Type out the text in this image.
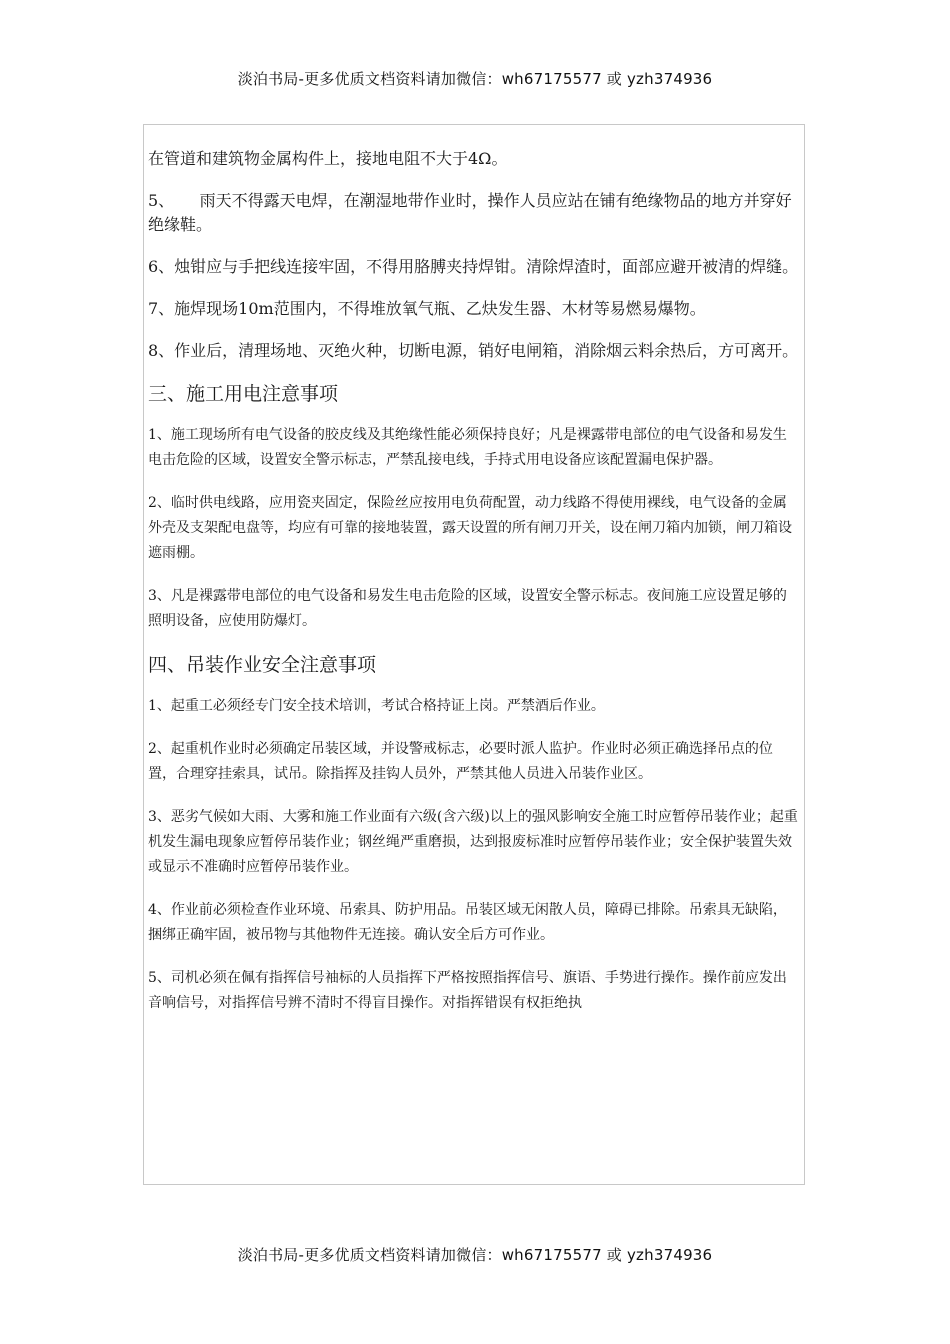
淡泊书局-更多优质文档资料请加微信：wh67175577 或 yzh374936

在管道和建筑物金属构件上，接地电阻不大于4Ω。

5、     雨天不得露天电焊，在潮湿地带作业时，操作人员应站在铺有绝缘物品的地方并穿好绝缘鞋。

6、烛钳应与手把线连接牢固，不得用胳膊夹持焊钳。清除焊渣时，面部应避开被清的焊缝。

7、施焊现场10m范围内，不得堆放氧气瓶、乙炔发生器、木材等易燃易爆物。

8、作业后，清理场地、灭绝火种，切断电源，销好电闸箱，消除烟云料余热后，方可离开。

三、施工用电注意事项

1、施工现场所有电气设备的胶皮线及其绝缘性能必须保持良好；凡是裸露带电部位的电气设备和易发生电击危险的区域，设置安全警示标志，严禁乱接电线，手持式用电设备应该配置漏电保护器。

2、临时供电线路，应用瓷夹固定，保险丝应按用电负荷配置，动力线路不得使用裸线，电气设备的金属外壳及支架配电盘等，均应有可靠的接地装置，露天设置的所有闸刀开关，设在闸刀箱内加锁，闸刀箱设遮雨棚。

3、凡是裸露带电部位的电气设备和易发生电击危险的区域，设置安全警示标志。夜间施工应设置足够的照明设备，应使用防爆灯。

四、吊装作业安全注意事项

1、起重工必须经专门安全技术培训，考试合格持证上岗。严禁酒后作业。

2、起重机作业时必须确定吊装区域，并设警戒标志，必要时派人监护。作业时必须正确选择吊点的位置，合理穿挂索具，试吊。除指挥及挂钩人员外，严禁其他人员进入吊装作业区。

3、恶劣气候如大雨、大雾和施工作业面有六级(含六级)以上的强风影响安全施工时应暂停吊装作业；起重机发生漏电现象应暂停吊装作业；钢丝绳严重磨损，达到报废标准时应暂停吊装作业；安全保护装置失效或显示不准确时应暂停吊装作业。

4、作业前必须检查作业环境、吊索具、防护用品。吊装区域无闲散人员，障碍已排除。吊索具无缺陷，捆绑正确牢固，被吊物与其他物件无连接。确认安全后方可作业。

5、司机必须在佩有指挥信号袖标的人员指挥下严格按照指挥信号、旗语、手势进行操作。操作前应发出音响信号，对指挥信号辨不清时不得盲目操作。对指挥错误有权拒绝执

淡泊书局-更多优质文档资料请加微信：wh67175577 或 yzh374936
